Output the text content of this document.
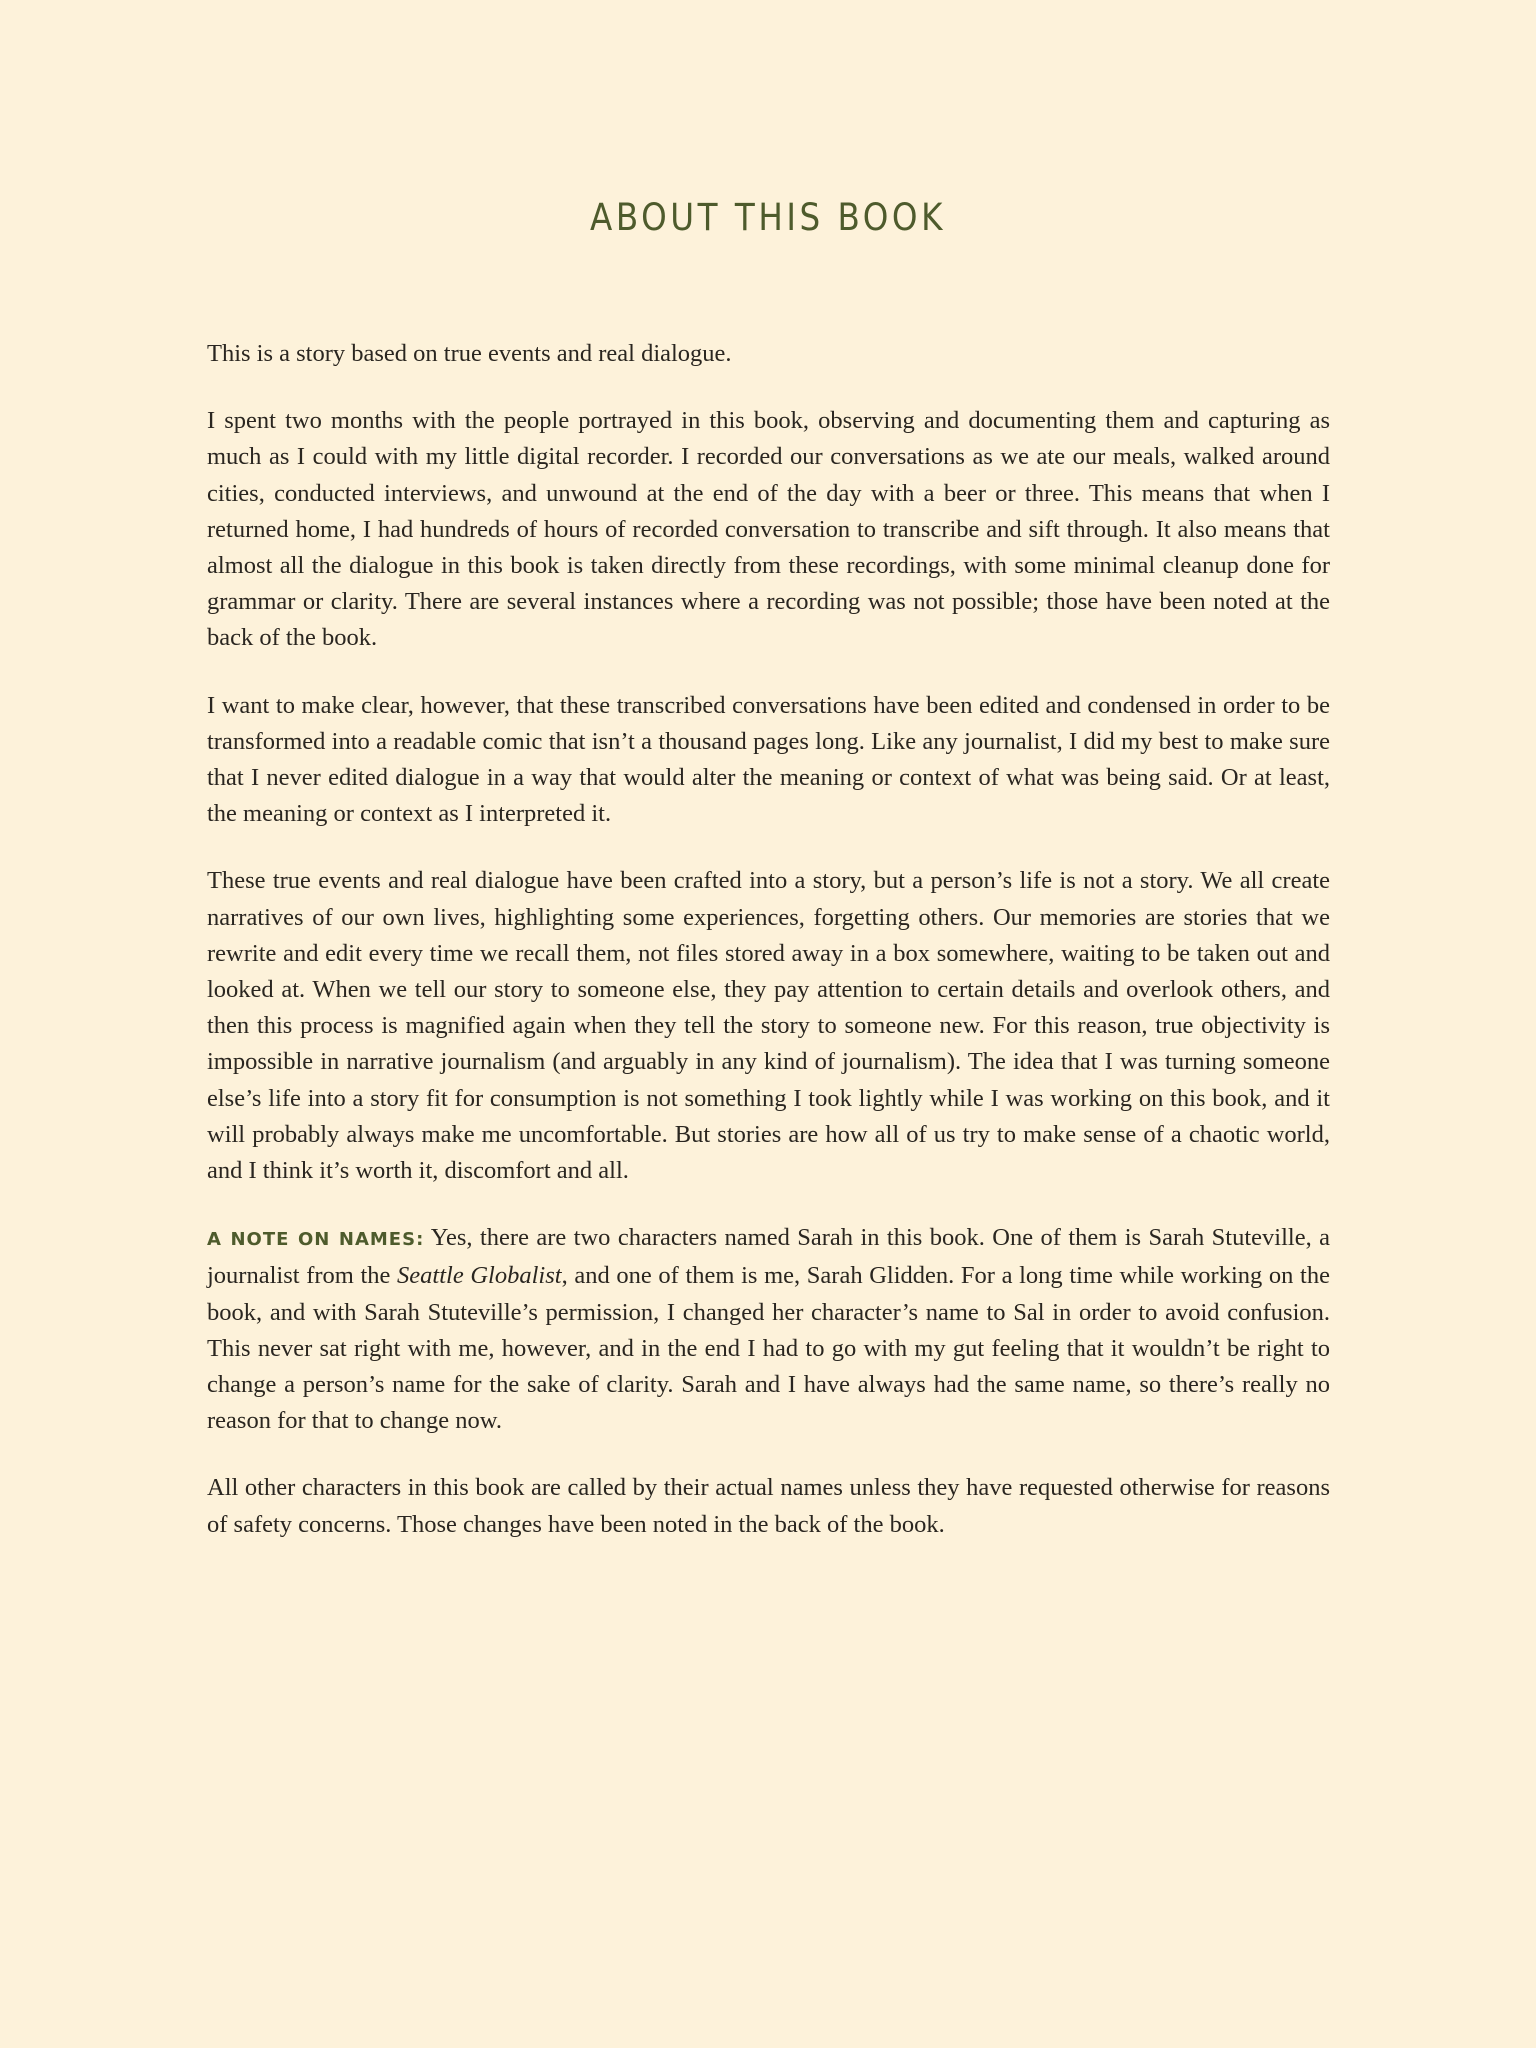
ABOUT THIS BOOK

This is a story based on true events and real dialogue.

I spent two months with the people portrayed in this book, observing and documenting them and capturing as much as I could with my little digital recorder. I recorded our conversations as we ate our meals, walked around cities, conducted interviews, and unwound at the end of the day with a beer or three. This means that when I returned home, I had hundreds of hours of recorded conversation to transcribe and sift through. It also means that almost all the dialogue in this book is taken directly from these recordings, with some minimal cleanup done for grammar or clarity. There are several instances where a recording was not possible; those have been noted at the back of the book.

I want to make clear, however, that these transcribed conversations have been edited and condensed in order to be transformed into a readable comic that isn’t a thousand pages long. Like any journalist, I did my best to make sure that I never edited dialogue in a way that would alter the meaning or context of what was being said. Or at least, the meaning or context as I interpreted it.

These true events and real dialogue have been crafted into a story, but a person’s life is not a story. We all create narratives of our own lives, highlighting some experiences, forgetting others. Our memories are stories that we rewrite and edit every time we recall them, not files stored away in a box somewhere, waiting to be taken out and looked at. When we tell our story to someone else, they pay attention to certain details and overlook others, and then this process is magnified again when they tell the story to someone new. For this reason, true objectivity is impossible in narrative journalism (and arguably in any kind of journalism). The idea that I was turning someone else’s life into a story fit for consumption is not something I took lightly while I was working on this book, and it will probably always make me uncomfortable. But stories are how all of us try to make sense of a chaotic world, and I think it’s worth it, discomfort and all.

A NOTE ON NAMES: Yes, there are two characters named Sarah in this book. One of them is Sarah Stuteville, a journalist from the Seattle Globalist, and one of them is me, Sarah Glidden. For a long time while working on the book, and with Sarah Stuteville’s permission, I changed her character’s name to Sal in order to avoid confusion. This never sat right with me, however, and in the end I had to go with my gut feeling that it wouldn’t be right to change a person’s name for the sake of clarity. Sarah and I have always had the same name, so there’s really no reason for that to change now.

All other characters in this book are called by their actual names unless they have requested otherwise for reasons of safety concerns. Those changes have been noted in the back of the book.
